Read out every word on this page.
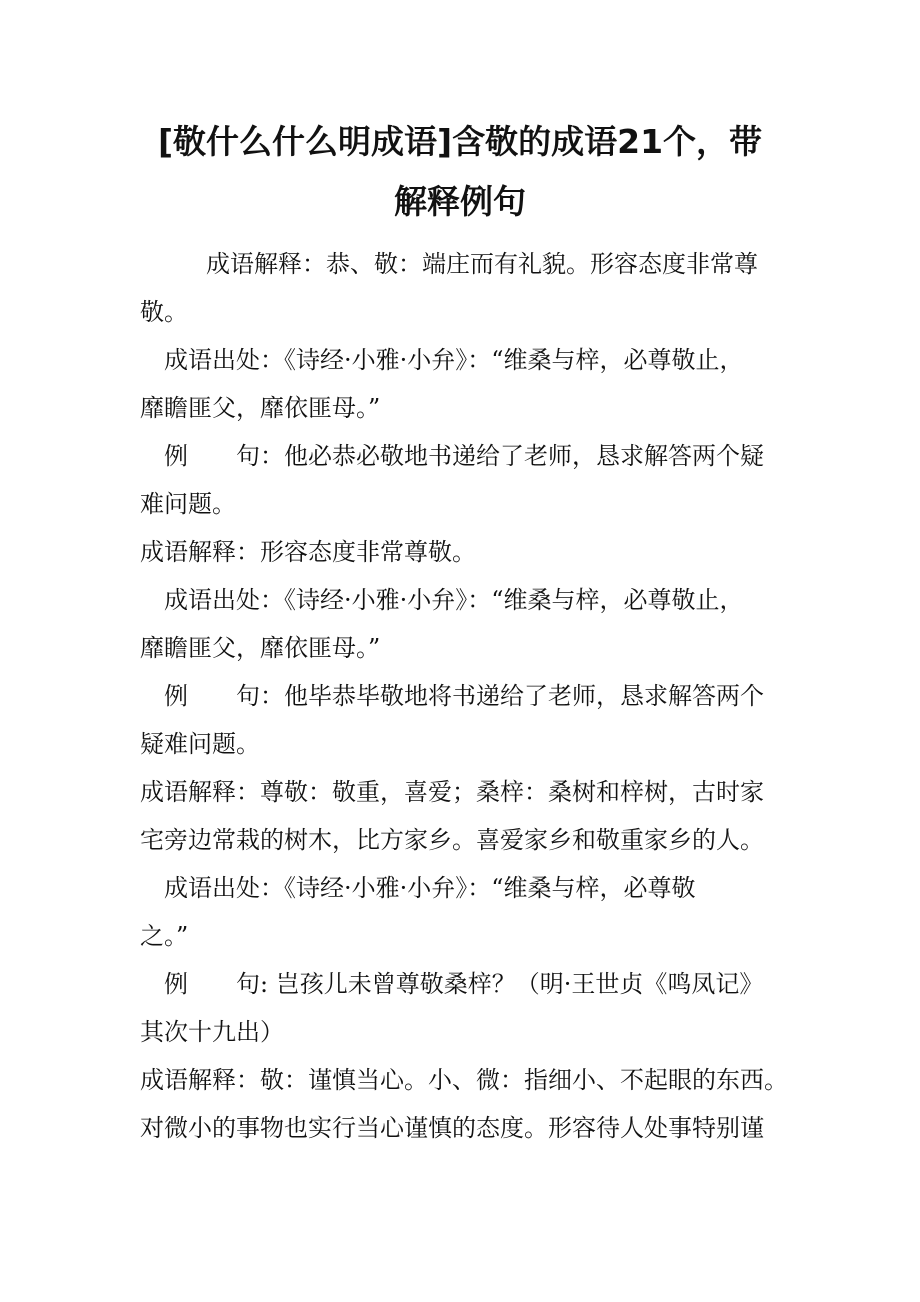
[敬什么什么明成语]含敬的成语21个，带
解释例句
成语解释：恭、敬：端庄而有礼貌。形容态度非常尊
敬。
成语出处：《诗经·小雅·小弁》：“维桑与梓，必尊敬止，
靡瞻匪父，靡依匪母。”
例 句：他必恭必敬地书递给了老师，恳求解答两个疑
难问题。
成语解释：形容态度非常尊敬。
成语出处：《诗经·小雅·小弁》：“维桑与梓，必尊敬止，
靡瞻匪父，靡依匪母。”
例 句：他毕恭毕敬地将书递给了老师，恳求解答两个
疑难问题。
成语解释：尊敬：敬重，喜爱；桑梓：桑树和梓树，古时家
宅旁边常栽的树木，比方家乡。喜爱家乡和敬重家乡的人。
成语出处：《诗经·小雅·小弁》：“维桑与梓，必尊敬
之。”
例 句: 岂孩儿未曾尊敬桑梓？（明·王世贞《鸣凤记》
其次十九出）
成语解释：敬：谨慎当心。小、微：指细小、不起眼的东西。
对微小的事物也实行当心谨慎的态度。形容待人处事特别谨
